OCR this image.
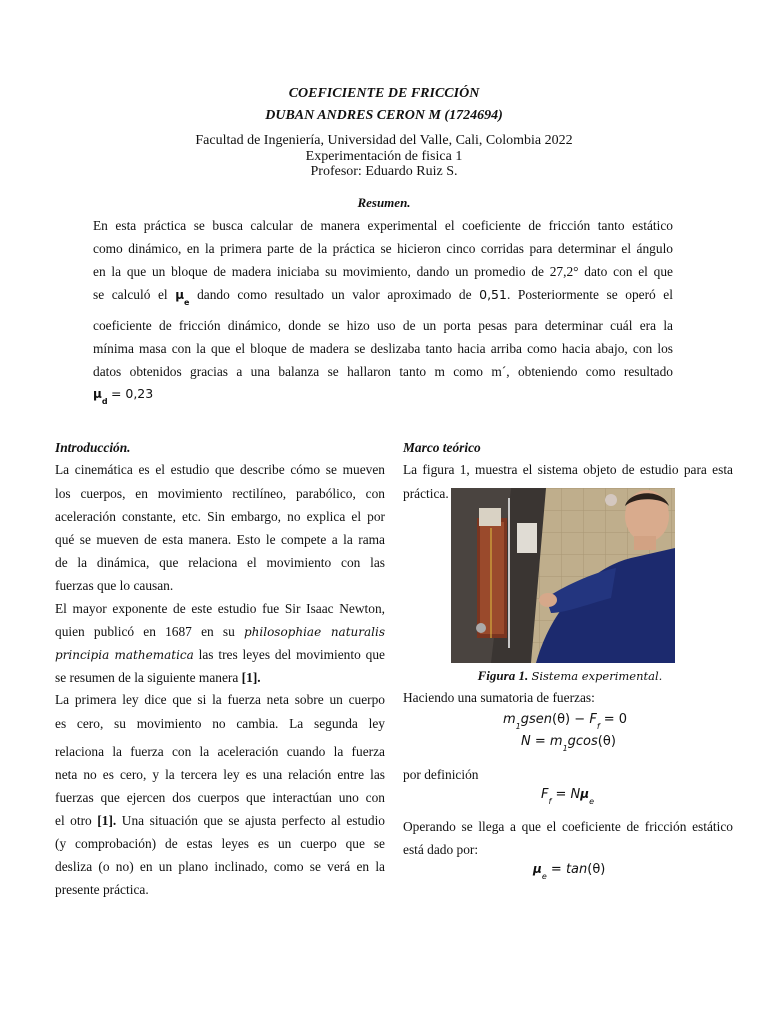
COEFICIENTE DE FRICCIÓN
DUBAN ANDRES CERON M (1724694)
Facultad de Ingeniería, Universidad del Valle, Cali, Colombia 2022
Experimentación de fisica 1
Profesor: Eduardo Ruiz S.
Resumen.
En esta práctica se busca calcular de manera experimental el coeficiente de fricción tanto estático
como dinámico, en la primera parte de la práctica se hicieron cinco corridas para determinar el ángulo
en la que un bloque de madera iniciaba su movimiento, dando un promedio de 27,2° dato con el que
se calculó el $\mu_e$ dando como resultado un valor aproximado de 0,51. Posteriormente se operó el
coeficiente de fricción dinámico, donde se hizo uso de un porta pesas para determinar cuál era la
mínima masa con la que el bloque de madera se deslizaba tanto hacia arriba como hacia abajo, con los
datos obtenidos gracias a una balanza se hallaron tanto m como m´, obteniendo como resultado
$\mu_d = 0,23$
Introducción.
La cinemática es el estudio que describe cómo se mueven
los cuerpos, en movimiento rectilíneo, parabólico, con
aceleración constante, etc. Sin embargo, no explica el por
qué se mueven de esta manera. Esto le compete a la rama
de la dinámica, que relaciona el movimiento con las
fuerzas que lo causan.
El mayor exponente de este estudio fue Sir Isaac Newton,
quien publicó en 1687 en su philosophiae naturalis
principia mathematica las tres leyes del movimiento que
se resumen de la siguiente manera [1].
La primera ley dice que si la fuerza neta sobre un cuerpo
es cero, su movimiento no cambia. La segunda ley
relaciona la fuerza con la aceleración cuando la fuerza
neta no es cero, y la tercera ley es una relación entre las
fuerzas que ejercen dos cuerpos que interactúan uno con
el otro [1]. Una situación que se ajusta perfecto al estudio
(y comprobación) de estas leyes es un cuerpo que se
desliza (o no) en un plano inclinado, como se verá en la
presente práctica.
Marco teórico
La figura 1, muestra el sistema objeto de estudio para esta
práctica.
Figura 1. Sistema experimental.
Haciendo una sumatoria de fuerzas:
por definición
Operando se llega a que el coeficiente de fricción estático
está dado por:
$m_1gsen(\theta) - F_f = 0$
$N = m_1gcos(\theta)$
$F_f = N\mu_e$
$\mu_e = \tan(\theta)$
